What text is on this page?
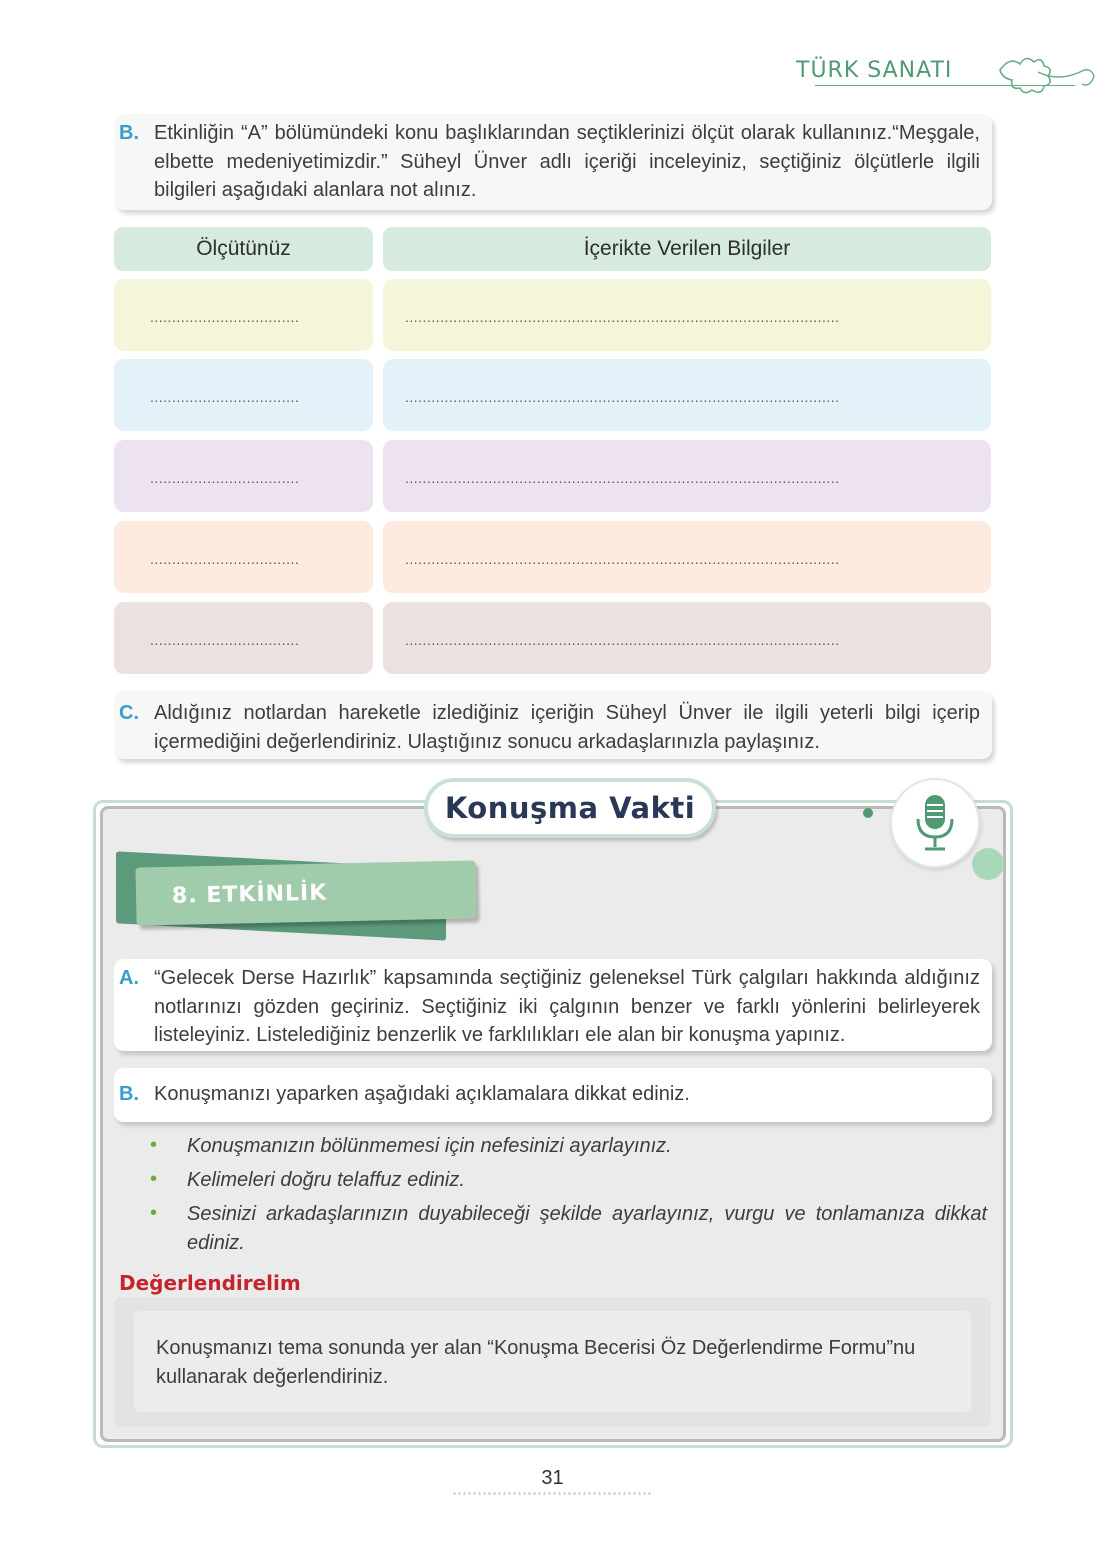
TÜRK SANATI
B. Etkinliğin “A” bölümündeki konu başlıklarından seçtiklerinizi ölçüt olarak kullanınız.“Meşgale, elbette medeniyetimizdir.” Süheyl Ünver adlı içeriği inceleyiniz, seçtiğiniz ölçütlerle ilgili bilgileri aşağıdaki alanlara not alınız.
Ölçütünüz	İçerikte Verilen Bilgiler
..................................	...................................................................................................
..................................	...................................................................................................
..................................	...................................................................................................
..................................	...................................................................................................
..................................	...................................................................................................
C. Aldığınız notlardan hareketle izlediğiniz içeriğin Süheyl Ünver ile ilgili yeterli bilgi içerip içermediğini değerlendiriniz. Ulaştığınız sonucu arkadaşlarınızla paylaşınız.
Konuşma Vakti
8. ETKİNLİK
A. “Gelecek Derse Hazırlık” kapsamında seçtiğiniz geleneksel Türk çalgıları hakkında aldığınız notlarınızı gözden geçiriniz. Seçtiğiniz iki çalgının benzer ve farklı yönlerini belirleyerek listeleyiniz. Listelediğiniz benzerlik ve farklılıkları ele alan bir konuşma yapınız.
B. Konuşmanızı yaparken aşağıdaki açıklamalara dikkat ediniz.
• Konuşmanızın bölünmemesi için nefesinizi ayarlayınız.
• Kelimeleri doğru telaffuz ediniz.
• Sesinizi arkadaşlarınızın duyabileceği şekilde ayarlayınız, vurgu ve tonlamanıza dikkat ediniz.
Değerlendirelim
Konuşmanızı tema sonunda yer alan “Konuşma Becerisi Öz Değerlendirme Formu”nu kullanarak değerlendiriniz.
31
